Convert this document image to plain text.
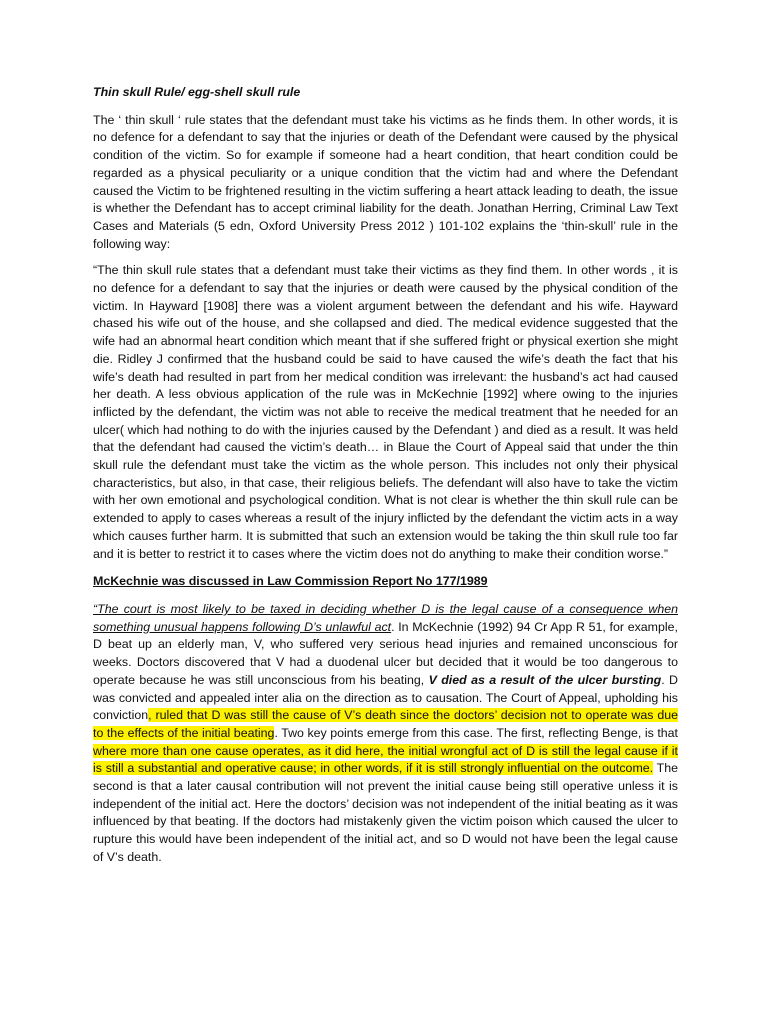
Thin skull Rule/ egg-shell skull rule

The ‘ thin skull ‘ rule states that the defendant must take his victims as he finds them. In other words, it is no defence for a defendant to say that the injuries or death of the Defendant were caused by the physical condition of the victim. So for example if someone had a heart condition, that heart condition could be regarded as a physical peculiarity or a unique condition that the victim had and where the Defendant caused the Victim to be frightened resulting in the victim suffering a heart attack leading to death, the issue is whether the Defendant has to accept criminal liability for the death. Jonathan Herring, Criminal Law Text Cases and Materials (5 edn, Oxford University Press 2012 ) 101-102 explains the ‘thin-skull’ rule in the following way:

“The thin skull rule states that a defendant must take their victims as they find them. In other words , it is no defence for a defendant to say that the injuries or death were caused by the physical condition of the victim. In Hayward [1908] there was a violent argument between the defendant and his wife. Hayward chased his wife out of the house, and she collapsed and died. The medical evidence suggested that the wife had an abnormal heart condition which meant that if she suffered fright or physical exertion she might die. Ridley J confirmed that the husband could be said to have caused the wife’s death the fact that his wife’s death had resulted in part from her medical condition was irrelevant: the husband’s act had caused her death. A less obvious application of the rule was in McKechnie [1992] where owing to the injuries inflicted by the defendant, the victim was not able to receive the medical treatment that he needed for an ulcer( which had nothing to do with the injuries caused by the Defendant ) and died as a result. It was held that the defendant had caused the victim’s death… in Blaue the Court of Appeal said that under the thin skull rule the defendant must take the victim as the whole person. This includes not only their physical characteristics, but also, in that case, their religious beliefs. The defendant will also have to take the victim with her own emotional and psychological condition. What is not clear is whether the thin skull rule can be extended to apply to cases whereas a result of the injury inflicted by the defendant the victim acts in a way which causes further harm. It is submitted that such an extension would be taking the thin skull rule too far and it is better to restrict it to cases where the victim does not do anything to make their condition worse.”

McKechnie was discussed in Law Commission Report No 177/1989

“The court is most likely to be taxed in deciding whether D is the legal cause of a consequence when something unusual happens following D’s unlawful act. In McKechnie (1992) 94 Cr App R 51, for example, D beat up an elderly man, V, who suffered very serious head injuries and remained unconscious for weeks. Doctors discovered that V had a duodenal ulcer but decided that it would be too dangerous to operate because he was still unconscious from his beating, V died as a result of the ulcer bursting. D was convicted and appealed inter alia on the direction as to causation. The Court of Appeal, upholding his conviction, ruled that D was still the cause of V’s death since the doctors’ decision not to operate was due to the effects of the initial beating. Two key points emerge from this case. The first, reflecting Benge, is that where more than one cause operates, as it did here, the initial wrongful act of D is still the legal cause if it is still a substantial and operative cause; in other words, if it is still strongly influential on the outcome. The second is that a later causal contribution will not prevent the initial cause being still operative unless it is independent of the initial act. Here the doctors’ decision was not independent of the initial beating as it was influenced by that beating. If the doctors had mistakenly given the victim poison which caused the ulcer to rupture this would have been independent of the initial act, and so D would not have been the legal cause of V’s death.
